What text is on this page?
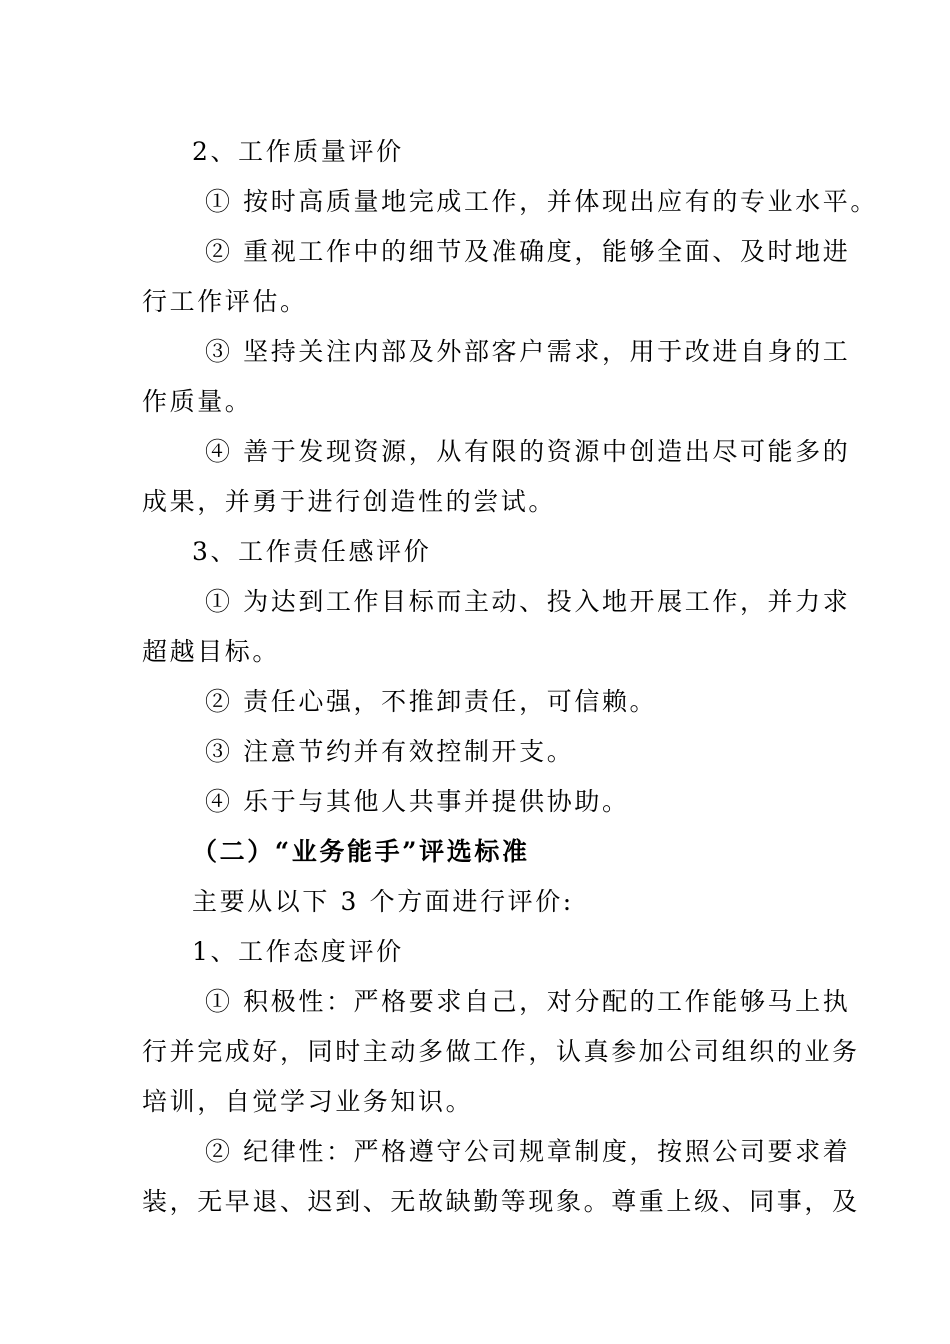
2、工作质量评价
① 按时高质量地完成工作，并体现出应有的专业水平。
② 重视工作中的细节及准确度，能够全面、及时地进
行工作评估。
③ 坚持关注内部及外部客户需求，用于改进自身的工
作质量。
④ 善于发现资源，从有限的资源中创造出尽可能多的
成果，并勇于进行创造性的尝试。
3、工作责任感评价
① 为达到工作目标而主动、投入地开展工作，并力求
超越目标。
② 责任心强，不推卸责任，可信赖。
③ 注意节约并有效控制开支。
④ 乐于与其他人共事并提供协助。
（二）“业务能手”评选标准
主要从以下 3 个方面进行评价:
1、工作态度评价
① 积极性：严格要求自己，对分配的工作能够马上执
行并完成好，同时主动多做工作，认真参加公司组织的业务
培训，自觉学习业务知识。
② 纪律性：严格遵守公司规章制度，按照公司要求着
装，无早退、迟到、无故缺勤等现象。尊重上级、同事，及
